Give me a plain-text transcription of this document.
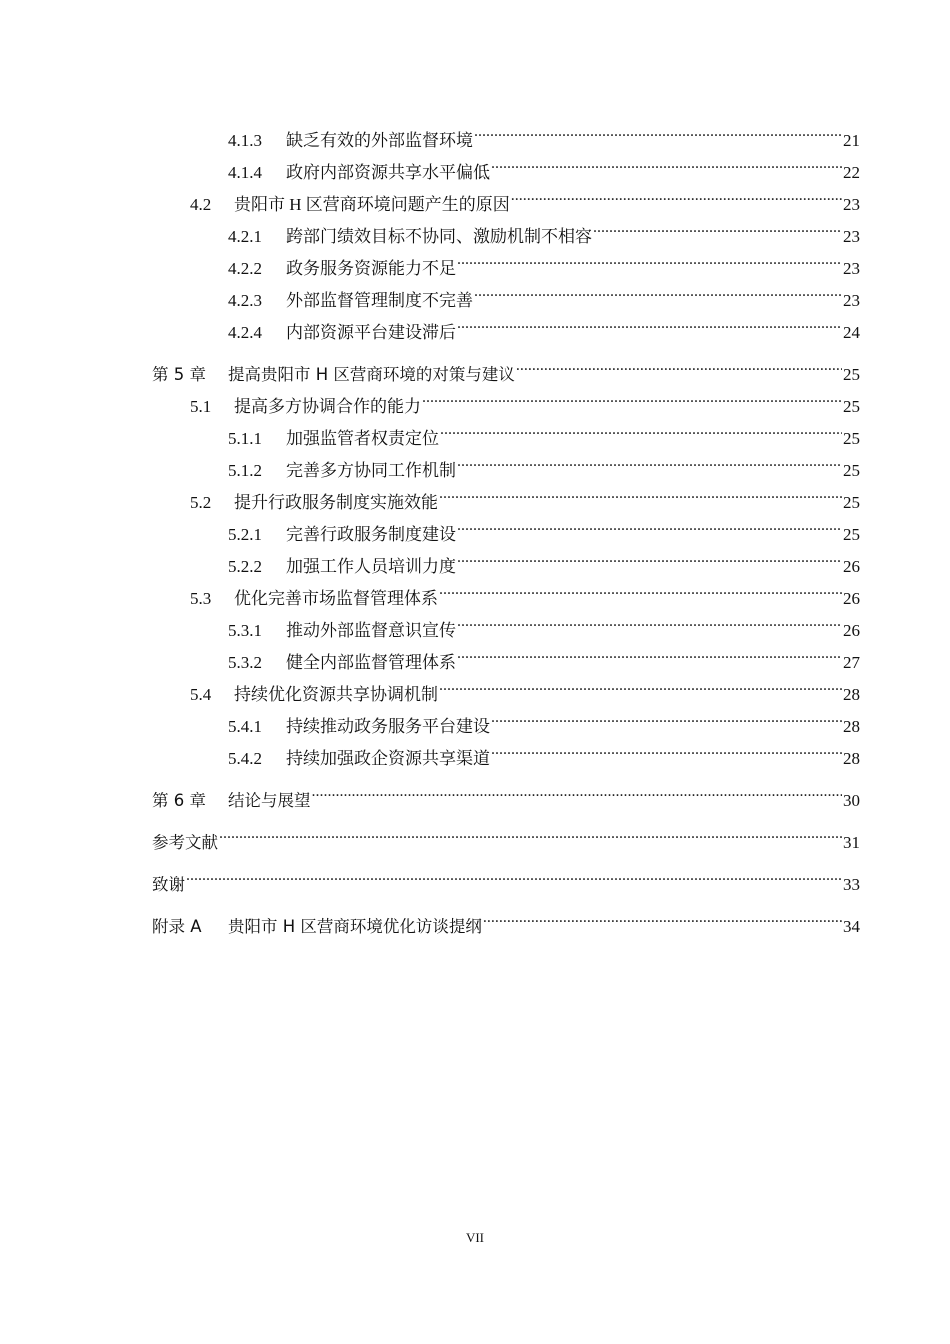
4.1.3	缺乏有效的外部监督环境 .....	21
4.1.4	政府内部资源共享水平偏低 .....	22
4.2	贵阳市 H 区营商环境问题产生的原因 .....	23
4.2.1	跨部门绩效目标不协同、激励机制不相容 .....	23
4.2.2	政务服务资源能力不足 .....	23
4.2.3	外部监督管理制度不完善 .....	23
4.2.4	内部资源平台建设滞后 .....	24
第 5 章	提高贵阳市 H 区营商环境的对策与建议 .....	25
5.1	提高多方协调合作的能力 .....	25
5.1.1	加强监管者权责定位 .....	25
5.1.2	完善多方协同工作机制 .....	25
5.2	提升行政服务制度实施效能 .....	25
5.2.1	完善行政服务制度建设 .....	25
5.2.2	加强工作人员培训力度 .....	26
5.3	优化完善市场监督管理体系 .....	26
5.3.1	推动外部监督意识宣传 .....	26
5.3.2	健全内部监督管理体系 .....	27
5.4	持续优化资源共享协调机制 .....	28
5.4.1	持续推动政务服务平台建设 .....	28
5.4.2	持续加强政企资源共享渠道 .....	28
第 6 章	结论与展望 .....	30
参考文献 .....	31
致谢 .....	33
附录 A	贵阳市 H 区营商环境优化访谈提纲 .....	34
VII
